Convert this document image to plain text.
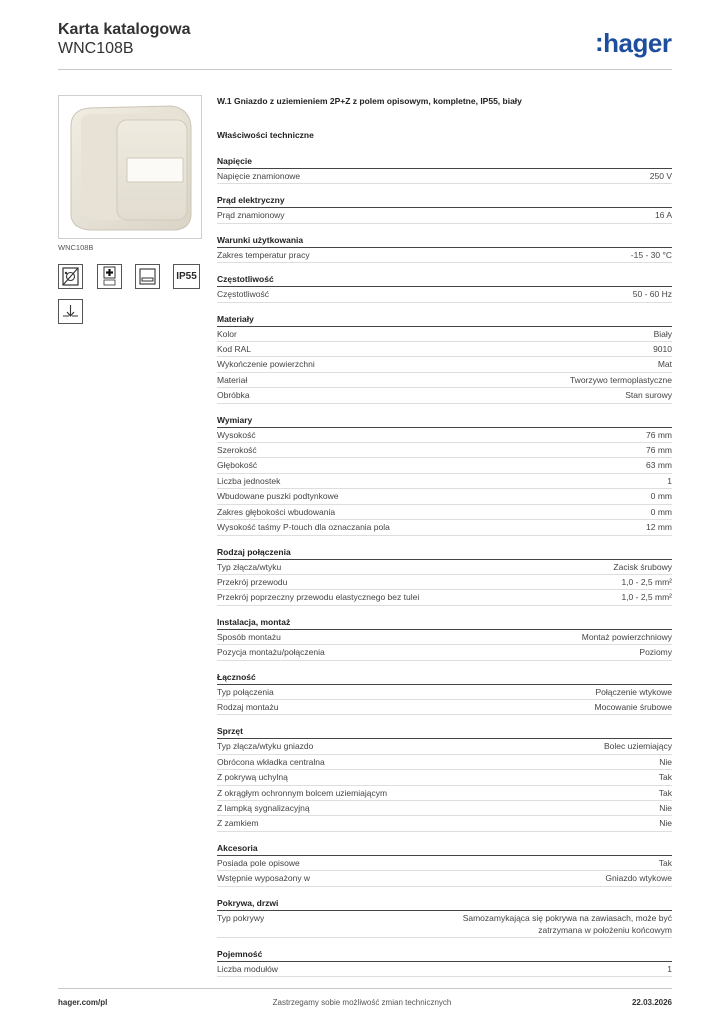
Karta katalogowa
WNC108B	:hager
WNC108B
IP55
W.1 Gniazdo z uziemieniem 2P+Z z polem opisowym, kompletne, IP55, biały
Właściwości techniczne
Napięcie
Napięcie znamionowe	250 V
Prąd elektryczny
Prąd znamionowy	16 A
Warunki użytkowania
Zakres temperatur pracy	-15 - 30 °C
Częstotliwość
Częstotliwość	50 - 60 Hz
Materiały
Kolor	Biały
Kod RAL	9010
Wykończenie powierzchni	Mat
Materiał	Tworzywo termoplastyczne
Obróbka	Stan surowy
Wymiary
Wysokość	76 mm
Szerokość	76 mm
Głębokość	63 mm
Liczba jednostek	1
Wbudowane puszki podtynkowe	0 mm
Zakres głębokości wbudowania	0 mm
Wysokość taśmy P-touch dla oznaczania pola	12 mm
Rodzaj połączenia
Typ złącza/wtyku	Zacisk śrubowy
Przekrój przewodu	1,0 - 2,5 mm²
Przekrój poprzeczny przewodu elastycznego bez tulei	1,0 - 2,5 mm²
Instalacja, montaż
Sposób montażu	Montaż powierzchniowy
Pozycja montażu/połączenia	Poziomy
Łączność
Typ połączenia	Połączenie wtykowe
Rodzaj montażu	Mocowanie śrubowe
Sprzęt
Typ złącza/wtyku gniazdo	Bolec uziemiający
Obrócona wkładka centralna	Nie
Z pokrywą uchylną	Tak
Z okrągłym ochronnym bolcem uziemiającym	Tak
Z lampką sygnalizacyjną	Nie
Z zamkiem	Nie
Akcesoria
Posiada pole opisowe	Tak
Wstępnie wyposażony w	Gniazdo wtykowe
Pokrywa, drzwi
Typ pokrywy	Samozamykająca się pokrywa na zawiasach, może być zatrzymana w położeniu końcowym
Pojemność
Liczba modułów	1
hager.com/pl	Zastrzegamy sobie możliwość zmian technicznych	22.03.2026
